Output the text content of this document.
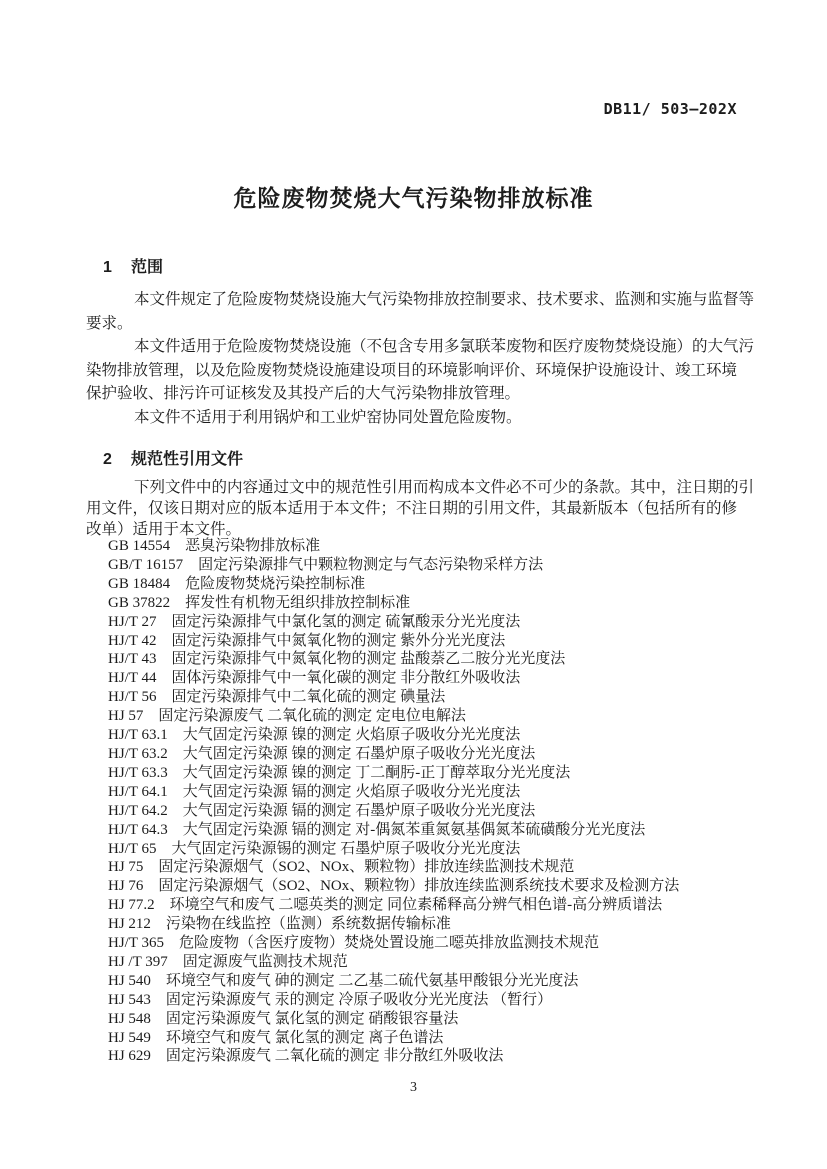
DB11/ 503—202X
危险废物焚烧大气污染物排放标准
1 范围
本文件规定了危险废物焚烧设施大气污染物排放控制要求、技术要求、监测和实施与监督等
要求。
本文件适用于危险废物焚烧设施（不包含专用多氯联苯废物和医疗废物焚烧设施）的大气污
染物排放管理，以及危险废物焚烧设施建设项目的环境影响评价、环境保护设施设计、竣工环境
保护验收、排污许可证核发及其投产后的大气污染物排放管理。
本文件不适用于利用锅炉和工业炉窑协同处置危险废物。
2 规范性引用文件
下列文件中的内容通过文中的规范性引用而构成本文件必不可少的条款。其中，注日期的引
用文件，仅该日期对应的版本适用于本文件；不注日期的引用文件，其最新版本（包括所有的修
改单）适用于本文件。
GB 14554　恶臭污染物排放标准
GB/T 16157　固定污染源排气中颗粒物测定与气态污染物采样方法
GB 18484　危险废物焚烧污染控制标准
GB 37822　挥发性有机物无组织排放控制标准
HJ/T 27　固定污染源排气中氯化氢的测定 硫氰酸汞分光光度法
HJ/T 42　固定污染源排气中氮氧化物的测定 紫外分光光度法
HJ/T 43　固定污染源排气中氮氧化物的测定 盐酸萘乙二胺分光光度法
HJ/T 44　固体污染源排气中一氧化碳的测定 非分散红外吸收法
HJ/T 56　固定污染源排气中二氧化硫的测定 碘量法
HJ 57　固定污染源废气 二氧化硫的测定 定电位电解法
HJ/T 63.1　大气固定污染源 镍的测定 火焰原子吸收分光光度法
HJ/T 63.2　大气固定污染源 镍的测定 石墨炉原子吸收分光光度法
HJ/T 63.3　大气固定污染源 镍的测定 丁二酮肟-正丁醇萃取分光光度法
HJ/T 64.1　大气固定污染源 镉的测定 火焰原子吸收分光光度法
HJ/T 64.2　大气固定污染源 镉的测定 石墨炉原子吸收分光光度法
HJ/T 64.3　大气固定污染源 镉的测定 对-偶氮苯重氮氨基偶氮苯硫磺酸分光光度法
HJ/T 65　大气固定污染源锡的测定 石墨炉原子吸收分光光度法
HJ 75　固定污染源烟气（SO2、NOx、颗粒物）排放连续监测技术规范
HJ 76　固定污染源烟气（SO2、NOx、颗粒物）排放连续监测系统技术要求及检测方法
HJ 77.2　环境空气和废气 二噁英类的测定 同位素稀释高分辨气相色谱-高分辨质谱法
HJ 212　污染物在线监控（监测）系统数据传输标准
HJ/T 365　危险废物（含医疗废物）焚烧处置设施二噁英排放监测技术规范
HJ /T 397　固定源废气监测技术规范
HJ 540　环境空气和废气 砷的测定 二乙基二硫代氨基甲酸银分光光度法
HJ 543　固定污染源废气 汞的测定 冷原子吸收分光光度法 （暂行）
HJ 548　固定污染源废气 氯化氢的测定 硝酸银容量法
HJ 549　环境空气和废气 氯化氢的测定 离子色谱法
HJ 629　固定污染源废气 二氧化硫的测定 非分散红外吸收法
3
